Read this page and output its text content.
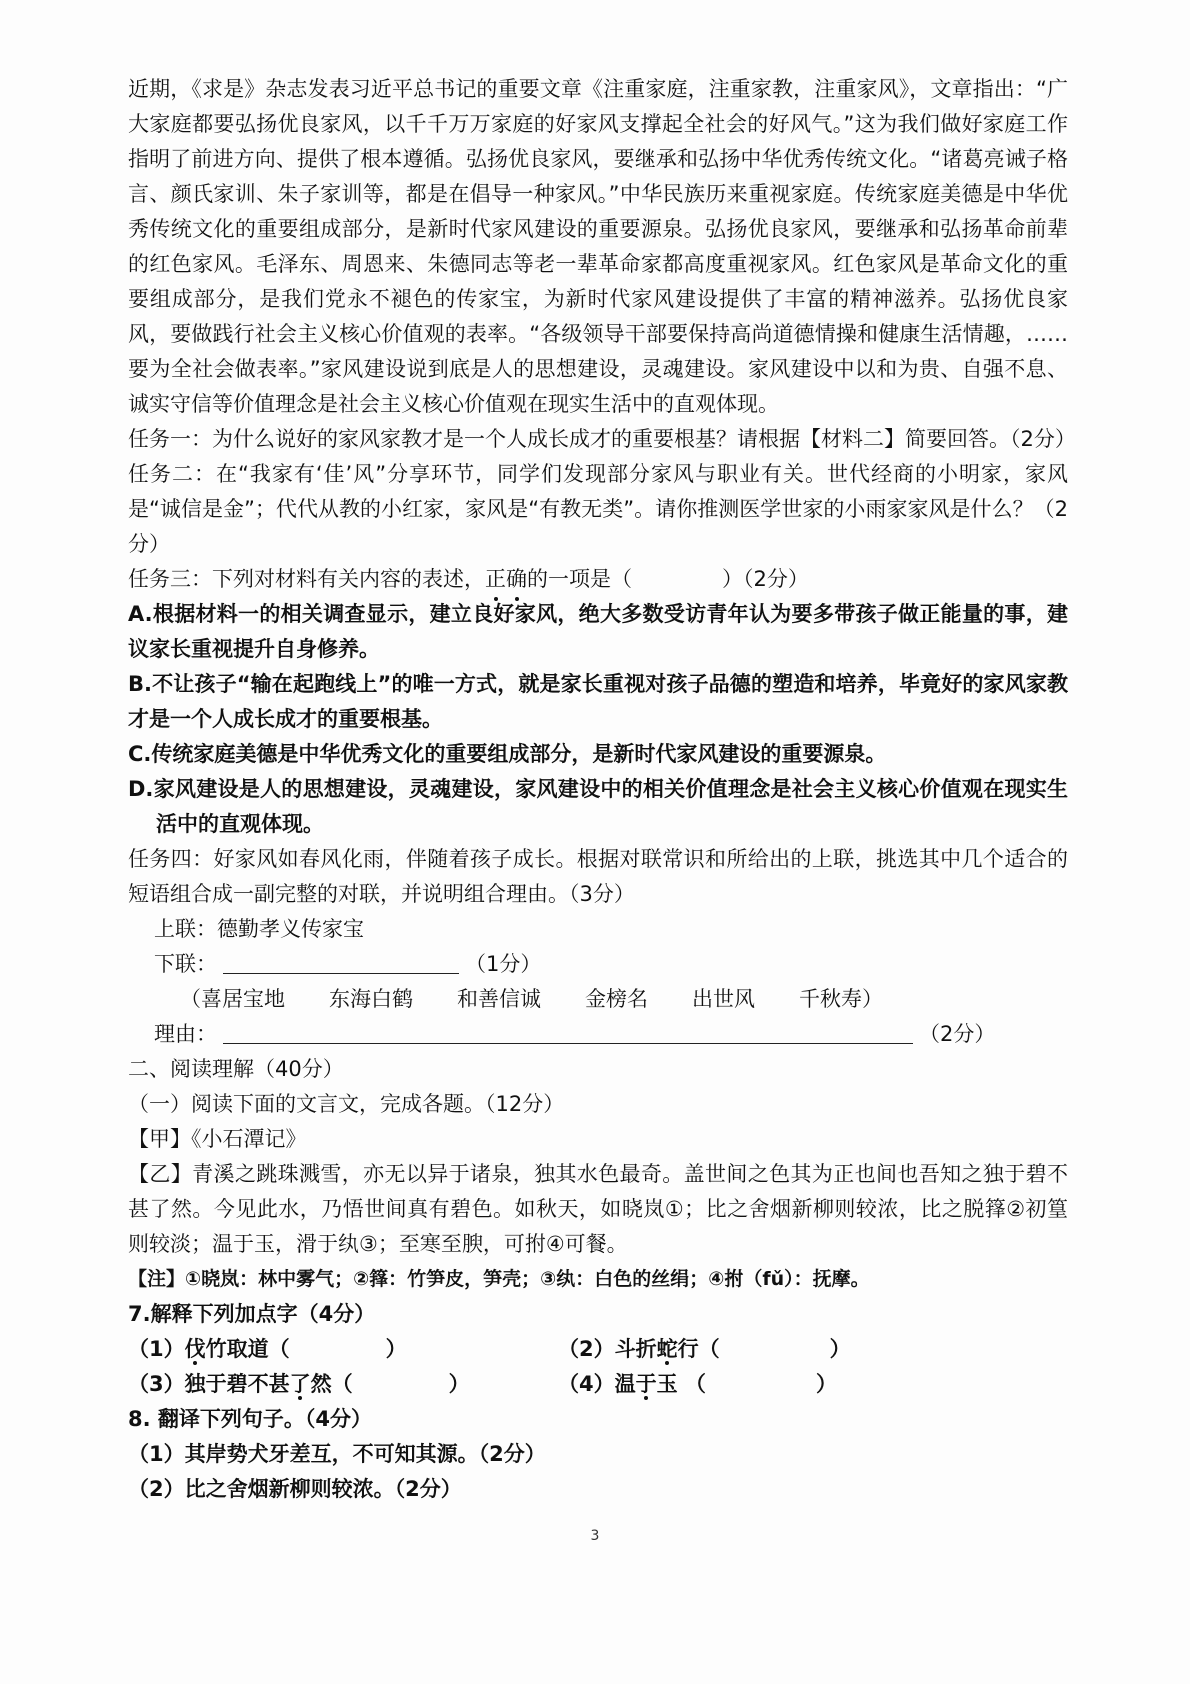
近期，《求是》杂志发表习近平总书记的重要文章《注重家庭，注重家教，注重家风》，文章指出：“广大家庭都要弘扬优良家风，以千千万万家庭的好家风支撑起全社会的好风气。”这为我们做好家庭工作指明了前进方向、提供了根本遵循。弘扬优良家风，要继承和弘扬中华优秀传统文化。“诸葛亮诫子格言、颜氏家训、朱子家训等，都是在倡导一种家风。”中华民族历来重视家庭。传统家庭美德是中华优秀传统文化的重要组成部分，是新时代家风建设的重要源泉。弘扬优良家风，要继承和弘扬革命前辈的红色家风。毛泽东、周恩来、朱德同志等老一辈革命家都高度重视家风。红色家风是革命文化的重要组成部分，是我们党永不褪色的传家宝，为新时代家风建设提供了丰富的精神滋养。弘扬优良家风，要做践行社会主义核心价值观的表率。“各级领导干部要保持高尚道德情操和健康生活情趣，……要为全社会做表率。”家风建设说到底是人的思想建设，灵魂建设。家风建设中以和为贵、自强不息、诚实守信等价值理念是社会主义核心价值观在现实生活中的直观体现。

任务一：为什么说好的家风家教才是一个人成长成才的重要根基？请根据【材料二】简要回答。（2分）

任务二：在“我家有‘佳’风”分享环节，同学们发现部分家风与职业有关。世代经商的小明家，家风是“诚信是金”；代代从教的小红家，家风是“有教无类”。请你推测医学世家的小雨家家风是什么？（2分）

任务三：下列对材料有关内容的表述， 正 确 的一项是（	）（2分）

A.根据材料一的相关调查显示，建立良好家风，绝大多数受访青年认为要多带孩子做正能量的事，建议家长重视提升自身修养。

B.不让孩子“输在起跑线上”的唯一方式，就是家长重视对孩子品德的塑造和培养，毕竟好的家风家教才是一个人成长成才的重要根基。

C.传统家庭美德是中华优秀文化的重要组成部分，是新时代家风建设的重要源泉。

D.家风建设是人的思想建设，灵魂建设，家风建设中的相关价值理念是社会主义核心价值观在现实生活中的直观体现。

任务四：好家风如春风化雨，伴随着孩子成长。根据对联常识和所给出的上联，挑选其中几个适合的短语组合成一副完整的对联，并说明组合理由。（3分）

上联：德勤孝义传家宝
下联：	（1分）
（喜居宝地 东海白鹤 和善信诚 金榜名 出世风 千秋寿）
理由：	（2分）

二、阅读理解（40分）

（一）阅读下面的文言文，完成各题。（12分）

【甲】《小石潭记》

【乙】青溪之跳珠溅雪，亦无以异于诸泉，独其水色最奇。盖世间之色其为正也间也吾知之独于碧不甚了然。今见此水，乃悟世间真有碧色。如秋天，如晓岚①；比之舍烟新柳则较浓，比之脱箨②初篁则较淡；温于玉，滑于纨③；至寒至腴，可拊④可餐。

【注】①晓岚：林中雾气；②箨：竹笋皮，笋壳；③纨：白色的丝绢；④拊（fǔ）：抚摩。

7.解释下列加点字（4分）

（1）伐竹取道（	）	（2）斗折蛇行（	）
（3）独于碧不甚了然（	）	（4）温于玉 （	）

8. 翻译下列句子。（4分）

（1）其岸势犬牙差互，不可知其源。（2分）

（2）比之舍烟新柳则较浓。（2分）

3
